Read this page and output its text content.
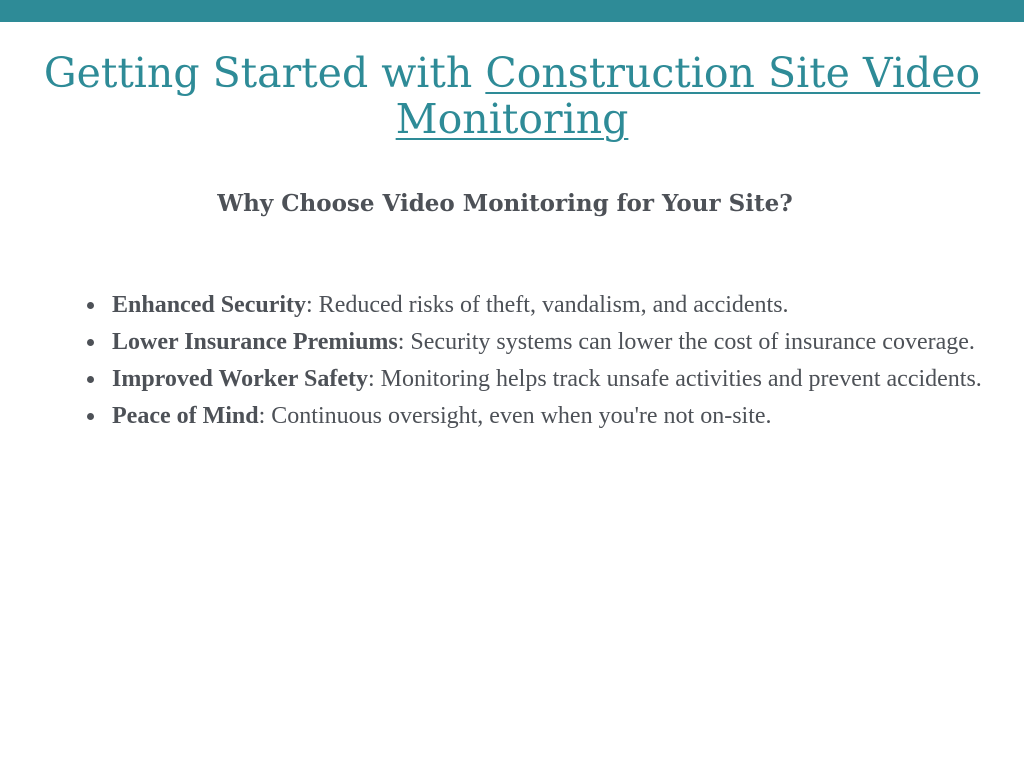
Getting Started with Construction Site Video Monitoring
Why Choose Video Monitoring for Your Site?
Enhanced Security: Reduced risks of theft, vandalism, and accidents.
Lower Insurance Premiums: Security systems can lower the cost of insurance coverage.
Improved Worker Safety: Monitoring helps track unsafe activities and prevent accidents.
Peace of Mind: Continuous oversight, even when you're not on-site.
